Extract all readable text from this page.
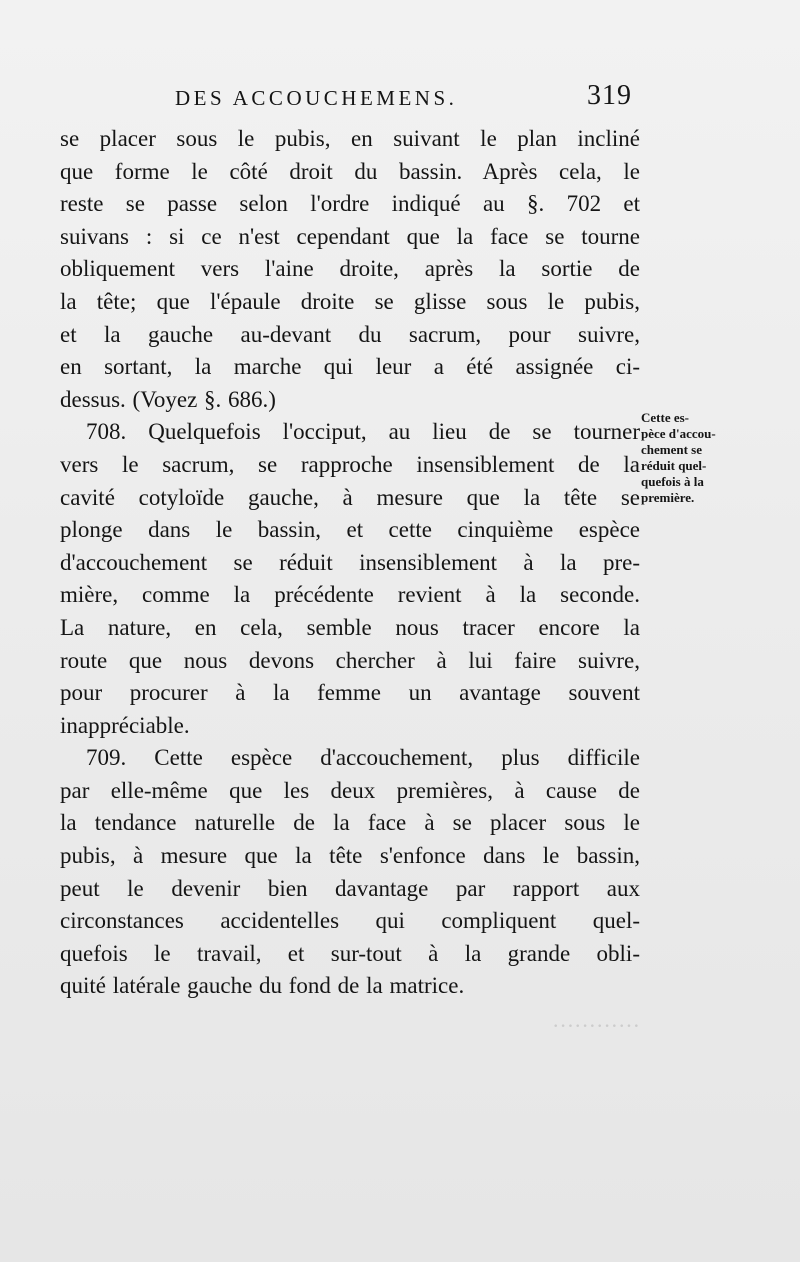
············
DES ACCOUCHEMENS.	319
se placer sous le pubis, en suivant le plan incliné
que forme le côté droit du bassin. Après cela, le
reste se passe selon l'ordre indiqué au §. 702 et
suivans : si ce n'est cependant que la face se tourne
obliquement vers l'aine droite, après la sortie de
la tête; que l'épaule droite se glisse sous le pubis,
et la gauche au-devant du sacrum, pour suivre,
en sortant, la marche qui leur a été assignée ci-
dessus. (Voyez §. 686.)
708. Quelquefois l'occiput, au lieu de se tourner
vers le sacrum, se rapproche insensiblement de la
cavité cotyloïde gauche, à mesure que la tête se
plonge dans le bassin, et cette cinquième espèce
d'accouchement se réduit insensiblement à la pre-
mière, comme la précédente revient à la seconde.
La nature, en cela, semble nous tracer encore la
route que nous devons chercher à lui faire suivre,
pour procurer à la femme un avantage souvent
inappréciable.
709. Cette espèce d'accouchement, plus difficile
par elle-même que les deux premières, à cause de
la tendance naturelle de la face à se placer sous le
pubis, à mesure que la tête s'enfonce dans le bassin,
peut le devenir bien davantage par rapport aux
circonstances accidentelles qui compliquent quel-
quefois le travail, et sur-tout à la grande obli-
quité latérale gauche du fond de la matrice.
Cette es-
pèce d'accou-
chement se
réduit quel-
quefois à la
première.
